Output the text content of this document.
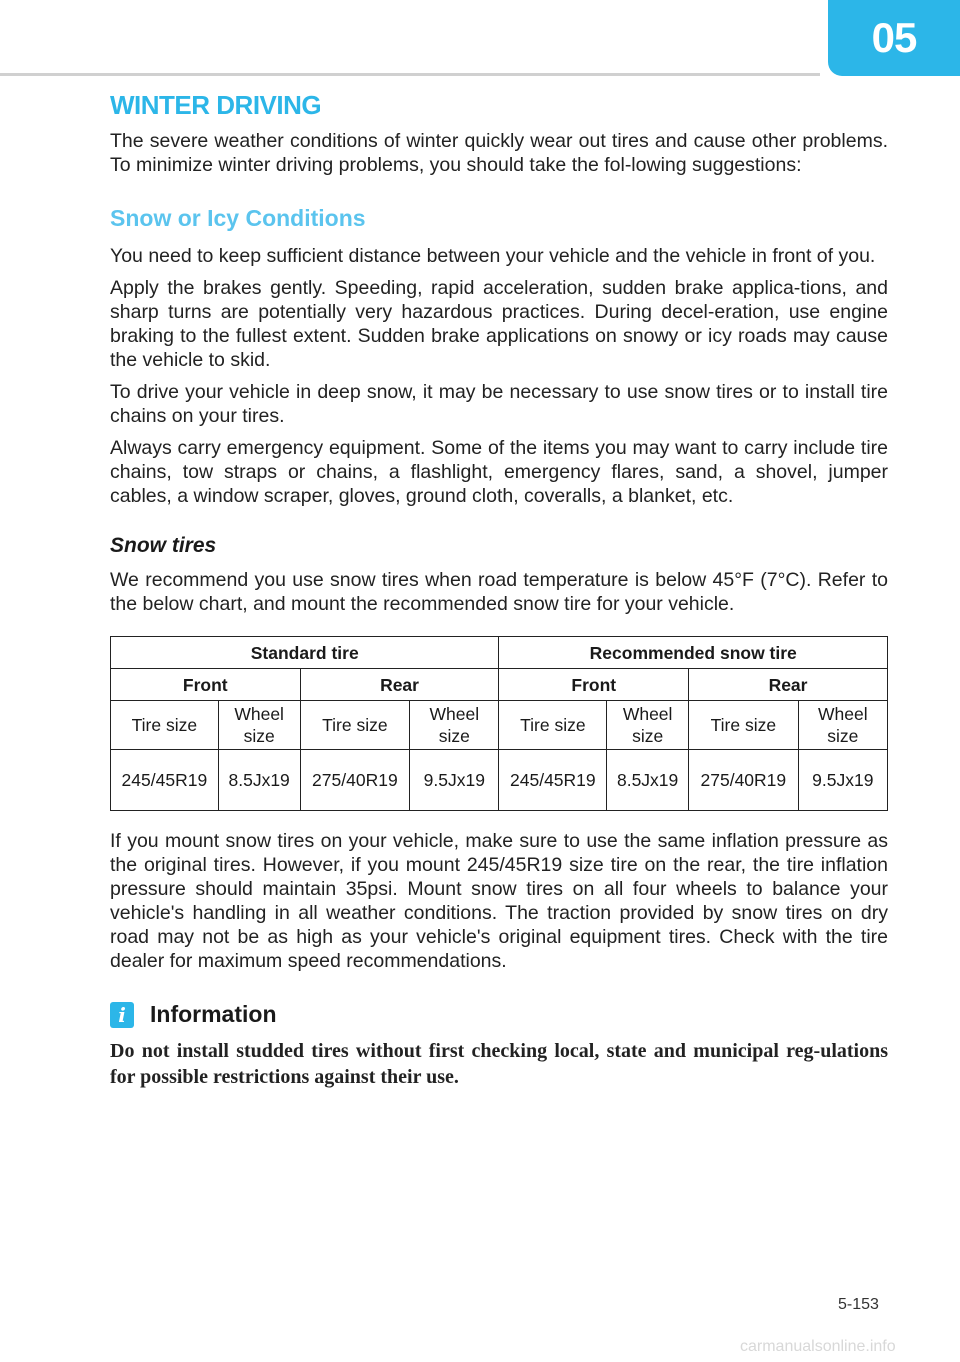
05
WINTER DRIVING

The severe weather conditions of winter quickly wear out tires and cause other problems. To minimize winter driving problems, you should take the fol-lowing suggestions:

Snow or Icy Conditions

You need to keep sufficient distance between your vehicle and the vehicle in front of you.

Apply the brakes gently. Speeding, rapid acceleration, sudden brake applica-tions, and sharp turns are potentially very hazardous practices. During decel-eration, use engine braking to the fullest extent. Sudden brake applications on snowy or icy roads may cause the vehicle to skid.

To drive your vehicle in deep snow, it may be necessary to use snow tires or to install tire chains on your tires.

Always carry emergency equipment. Some of the items you may want to carry include tire chains, tow straps or chains, a flashlight, emergency flares, sand, a shovel, jumper cables, a window scraper, gloves, ground cloth, coveralls, a blanket, etc.

Snow tires

We recommend you use snow tires when road temperature is below 45°F (7°C). Refer to the below chart, and mount the recommended snow tire for your vehicle.

Standard tire				Recommended snow tire			
Front		Rear		Front		Rear	
Tire size	Wheel size	Tire size	Wheel size	Tire size	Wheel size	Tire size	Wheel size
245/45R19	8.5Jx19	275/40R19	9.5Jx19	245/45R19	8.5Jx19	275/40R19	9.5Jx19

If you mount snow tires on your vehicle, make sure to use the same inflation pressure as the original tires. However, if you mount 245/45R19 size tire on the rear, the tire inflation pressure should maintain 35psi. Mount snow tires on all four wheels to balance your vehicle's handling in all weather conditions. The traction provided by snow tires on dry road may not be as high as your vehicle's original equipment tires. Check with the tire dealer for maximum speed recommendations.

i	Information

Do not install studded tires without first checking local, state and municipal reg-ulations for possible restrictions against their use.

5-153
carmanualsonline.info
